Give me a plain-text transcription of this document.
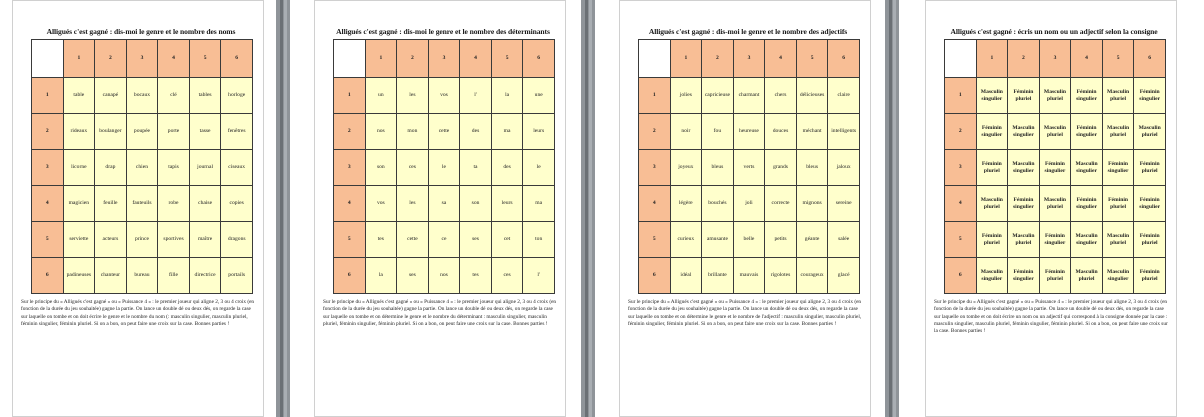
Alligués c'est gagné : dis-moi le genre et le nombre des noms
	1	2	3	4	5	6
1	table	canapé	bocaux	clé	tables	horloge
2	rideaux	boulanger	poupée	porte	tasse	fenêtres
3	licorne	drap	chien	tapis	journal	ciseaux
4	magicien	feuille	fauteuils	robe	chaise	copies
5	serviette	acteurs	prince	sportives	maître	dragons
6	padineuses	chanteur	bureau	fille	directrice	portails
Sur le principe du « Alligués c'est gagné » ou « Puissance 4 » : le premier joueur qui aligne 2, 3 ou 4 croix (en fonction de la durée du jeu souhaitée) gagne la partie. On lance un double dé ou deux dés, on regarde la case sur laquelle on tombe et on doit écrire le genre et le nombre du nom (: masculin singulier, masculin pluriel, féminin singulier, féminin pluriel. Si on a bon, on peut faire une croix sur la case. Bonnes parties !
Alligués c'est gagné : dis-moi le genre et le nombre des déterminants
	1	2	3	4	5	6
1	un	les	vos	l'	la	une
2	nos	mon	cette	des	ma	leurs
3	son	ces	le	ta	des	le
4	vos	les	sa	son	leurs	ma
5	tes	cette	ce	ses	cet	ton
6	la	ses	nos	tes	ces	l'
Sur le principe du « Alligués c'est gagné » ou « Puissance 4 » : le premier joueur qui aligne 2, 3 ou 4 croix (en fonction de la durée du jeu souhaitée) gagne la partie. On lance un double dé ou deux dés, on regarde la case sur laquelle on tombe et on détermine le genre et le nombre du déterminant : masculin singulier, masculin pluriel, féminin singulier, féminin pluriel. Si on a bon, on peut faire une croix sur la case. Bonnes parties !
Alligués c'est gagné : dis-moi le genre et le nombre des adjectifs
	1	2	3	4	5	6
1	jolies	capricieuse	charmant	chers	délicieuses	claire
2	noir	fou	heureuse	douces	méchant	intelligents
3	joyeux	bleus	verts	grands	bleus	jaloux
4	légère	bouchés	joli	correcte	mignons	sereine
5	curieux	amusante	belle	petits	géante	salée
6	idéal	brillante	mauvais	rigolotes	courageux	glacé
Sur le principe du « Alligués c'est gagné » ou « Puissance 4 » : le premier joueur qui aligne 2, 3 ou 4 croix (en fonction de la durée du jeu souhaitée) gagne la partie. On lance un double dé ou deux dés, on regarde la case sur laquelle on tombe et on détermine le genre et le nombre de l'adjectif : masculin singulier, masculin pluriel, féminin singulier, féminin pluriel. Si on a bon, on peut faire une croix sur la case. Bonnes parties !
Alligués c'est gagné : écris un nom ou un adjectif selon la consigne
	1	2	3	4	5	6
1	Masculin singulier	Féminin pluriel	Masculin pluriel	Féminin singulier	Masculin pluriel	Féminin singulier
2	Féminin singulier	Masculin singulier	Masculin pluriel	Féminin singulier	Masculin pluriel	Masculin pluriel
3	Féminin pluriel	Masculin singulier	Féminin singulier	Masculin singulier	Féminin singulier	Féminin pluriel
4	Masculin pluriel	Féminin singulier	Masculin pluriel	Féminin singulier	Féminin pluriel	Féminin singulier
5	Féminin pluriel	Masculin pluriel	Féminin singulier	Masculin singulier	Masculin pluriel	Féminin pluriel
6	Masculin singulier	Féminin singulier	Féminin pluriel	Masculin pluriel	Masculin singulier	Féminin pluriel
Sur le principe du « Alligués c'est gagné » ou « Puissance 4 » : le premier joueur qui aligne 2, 3 ou 4 croix (en fonction de la durée du jeu souhaitée) gagne la partie. On lance un double dé ou deux dés, on regarde la case sur laquelle on tombe et on doit écrire un nom ou un adjectif qui correspond à la consigne donnée par la case : masculin singulier, masculin pluriel, féminin singulier, féminin pluriel. Si on a bon, on peut faire une croix sur la case. Bonnes parties !
